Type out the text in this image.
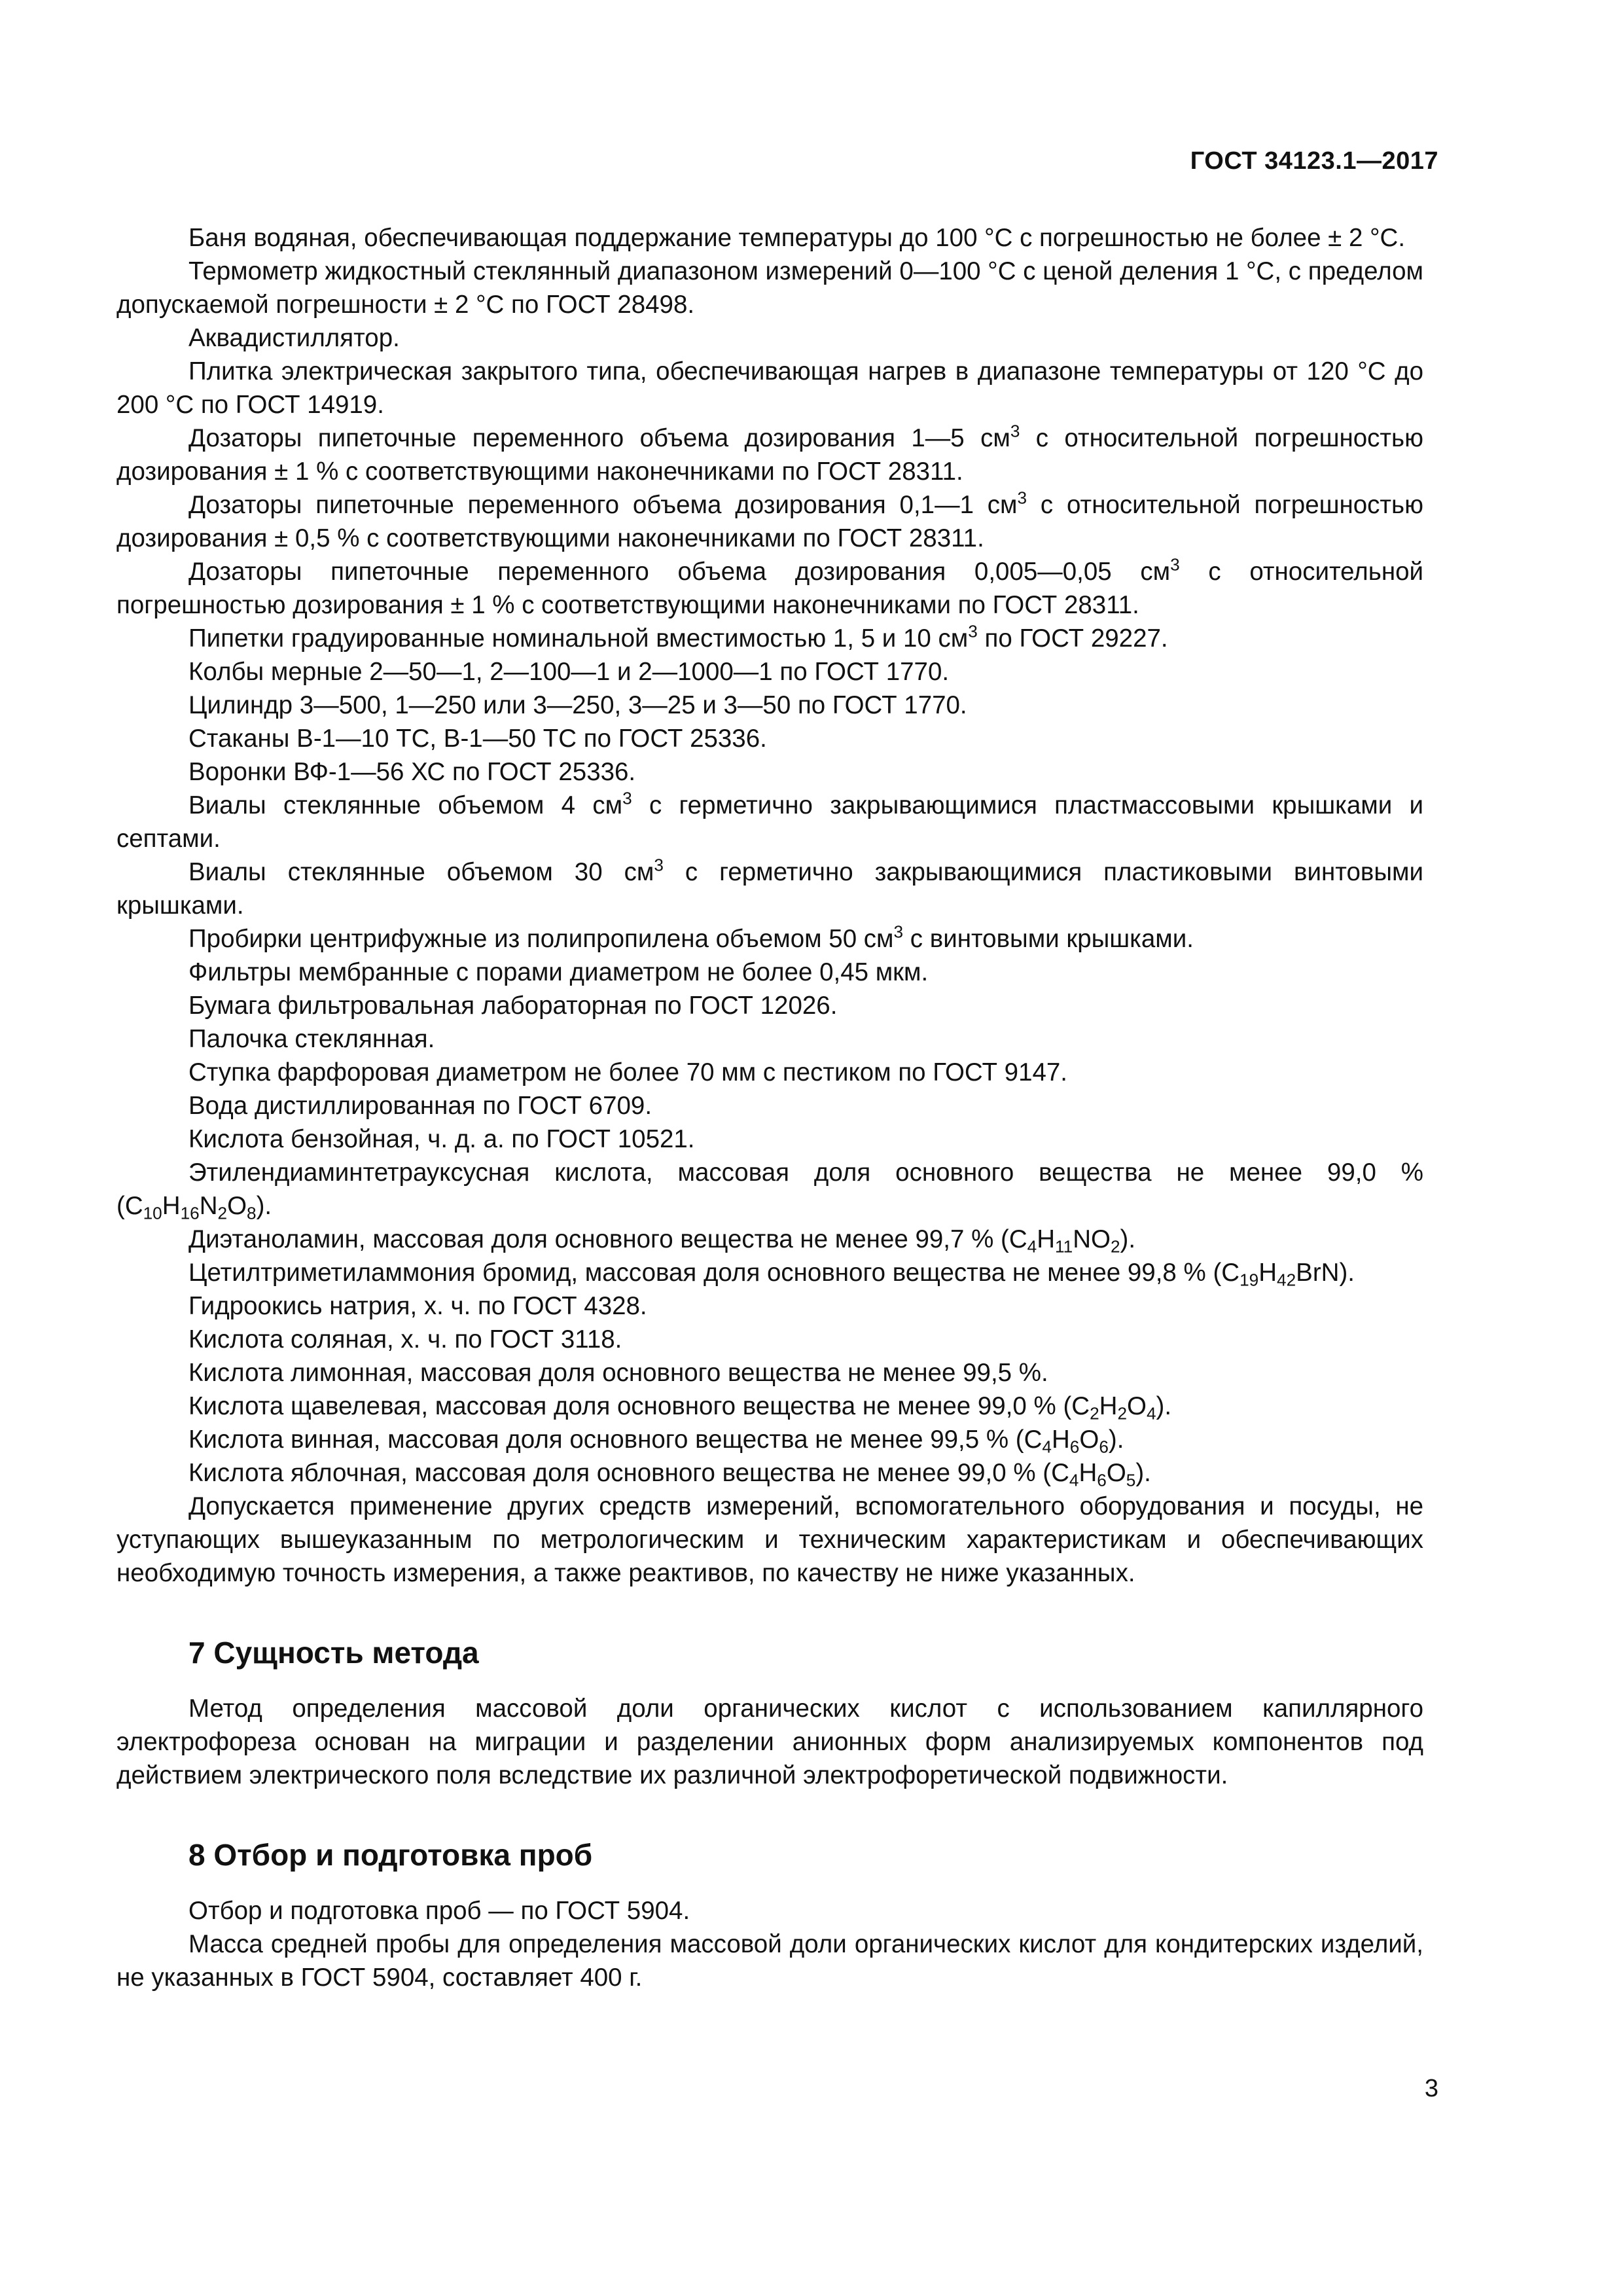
ГОСТ 34123.1—2017

Баня водяная, обеспечивающая поддержание температуры до 100 °С с погрешностью не более ± 2 °С.

Термометр жидкостный стеклянный диапазоном измерений 0—100 °С с ценой деления 1 °С, с пределом допускаемой погрешности ± 2 °С по ГОСТ 28498.

Аквадистиллятор.

Плитка электрическая закрытого типа, обеспечивающая нагрев в диапазоне температуры от 120 °С до 200 °С по ГОСТ 14919.

Дозаторы пипеточные переменного объема дозирования 1—5 $см^3$ с относительной погрешностью дозирования ± 1 % с соответствующими наконечниками по ГОСТ 28311.

Дозаторы пипеточные переменного объема дозирования 0,1—1 $см^3$ с относительной погрешностью дозирования ± 0,5 % с соответствующими наконечниками по ГОСТ 28311.

Дозаторы пипеточные переменного объема дозирования 0,005—0,05 $см^3$ с относительной погрешностью дозирования ± 1 % с соответствующими наконечниками по ГОСТ 28311.

Пипетки градуированные номинальной вместимостью 1, 5 и 10 $см^3$ по ГОСТ 29227.

Колбы мерные 2—50—1, 2—100—1 и 2—1000—1 по ГОСТ 1770.

Цилиндр 3—500, 1—250 или 3—250, 3—25 и 3—50 по ГОСТ 1770.

Стаканы В-1—10 ТС, В-1—50 ТС по ГОСТ 25336.

Воронки ВФ-1—56 ХС по ГОСТ 25336.

Виалы стеклянные объемом 4 $см^3$ с герметично закрывающимися пластмассовыми крышками и септами.

Виалы стеклянные объемом 30 $см^3$ с герметично закрывающимися пластиковыми винтовыми крышками.

Пробирки центрифужные из полипропилена объемом 50 $см^3$ с винтовыми крышками.

Фильтры мембранные с порами диаметром не более 0,45 мкм.

Бумага фильтровальная лабораторная по ГОСТ 12026.

Палочка стеклянная.

Ступка фарфоровая диаметром не более 70 мм с пестиком по ГОСТ 9147.

Вода дистиллированная по ГОСТ 6709.

Кислота бензойная, ч. д. а. по ГОСТ 10521.

Этилендиаминтетрауксусная кислота, массовая доля основного вещества не менее 99,0 % $(C_{10}H_{16}N_2O_8)$.

Диэтаноламин, массовая доля основного вещества не менее 99,7 % $(C_4H_{11}NO_2)$.

Цетилтриметиламмония бромид, массовая доля основного вещества не менее 99,8 % $(C_{19}H_{42}BrN)$.

Гидроокись натрия, х. ч. по ГОСТ 4328.

Кислота соляная, х. ч. по ГОСТ 3118.

Кислота лимонная, массовая доля основного вещества не менее 99,5 %.

Кислота щавелевая, массовая доля основного вещества не менее 99,0 % $(C_2H_2O_4)$.

Кислота винная, массовая доля основного вещества не менее 99,5 % $(C_4H_6O_6)$.

Кислота яблочная, массовая доля основного вещества не менее 99,0 % $(C_4H_6O_5)$.

Допускается применение других средств измерений, вспомогательного оборудования и посуды, не уступающих вышеуказанным по метрологическим и техническим характеристикам и обеспечивающих необходимую точность измерения, а также реактивов, по качеству не ниже указанных.

7 Сущность метода

Метод определения массовой доли органических кислот с использованием капиллярного электрофореза основан на миграции и разделении анионных форм анализируемых компонентов под действием электрического поля вследствие их различной электрофоретической подвижности.

8 Отбор и подготовка проб

Отбор и подготовка проб — по ГОСТ 5904.

Масса средней пробы для определения массовой доли органических кислот для кондитерских изделий, не указанных в ГОСТ 5904, составляет 400 г.

3
